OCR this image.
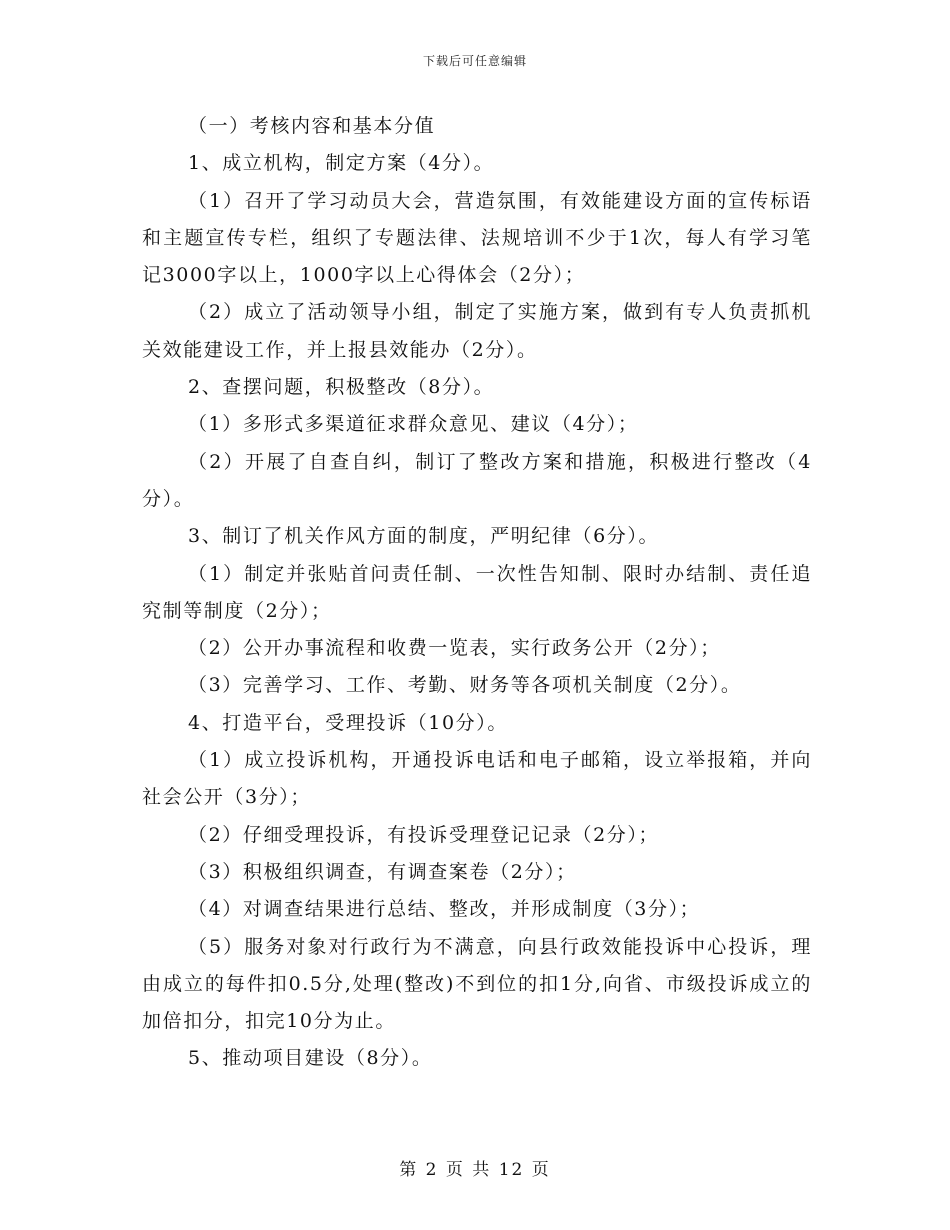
下载后可任意编辑

（一）考核内容和基本分值

1、成立机构，制定方案（4分）。

（1）召开了学习动员大会，营造氛围，有效能建设方面的宣传标语和主题宣传专栏，组织了专题法律、法规培训不少于1次，每人有学习笔记3000字以上，1000字以上心得体会（2分）；

（2）成立了活动领导小组，制定了实施方案，做到有专人负责抓机关效能建设工作，并上报县效能办（2分）。

2、查摆问题，积极整改（8分）。

（1）多形式多渠道征求群众意见、建议（4分）；

（2）开展了自查自纠，制订了整改方案和措施，积极进行整改（4分）。

3、制订了机关作风方面的制度，严明纪律（6分）。

（1）制定并张贴首问责任制、一次性告知制、限时办结制、责任追究制等制度（2分）；

（2）公开办事流程和收费一览表，实行政务公开（2分）；

（3）完善学习、工作、考勤、财务等各项机关制度（2分）。

4、打造平台，受理投诉（10分）。

（1）成立投诉机构，开通投诉电话和电子邮箱，设立举报箱，并向社会公开（3分）；

（2）仔细受理投诉，有投诉受理登记记录（2分）；

（3）积极组织调查，有调查案卷（2分）；

（4）对调查结果进行总结、整改，并形成制度（3分）；

（5）服务对象对行政行为不满意，向县行政效能投诉中心投诉，理由成立的每件扣0.5分,处理(整改)不到位的扣1分,向省、市级投诉成立的加倍扣分，扣完10分为止。

5、推动项目建设（8分）。

第 2 页 共 12 页
